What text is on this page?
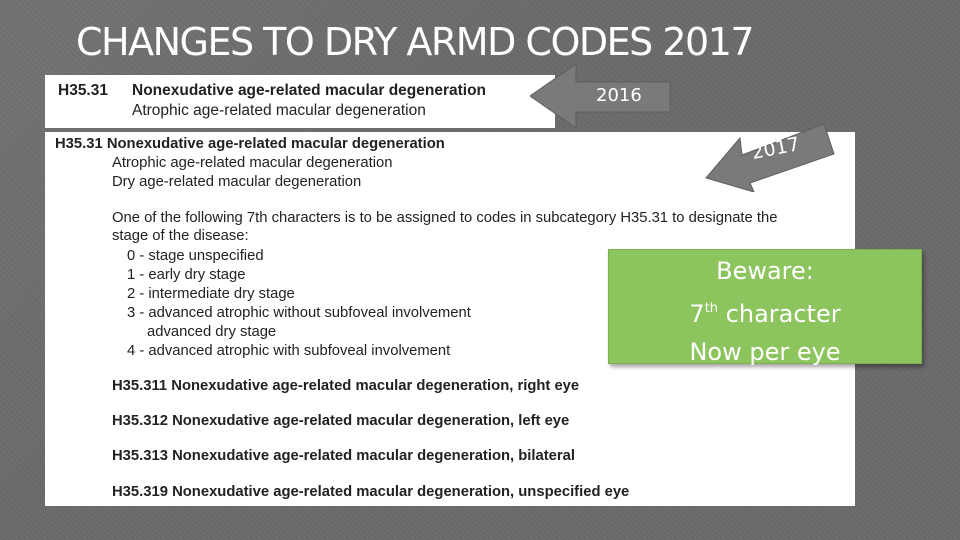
CHANGES TO DRY ARMD CODES 2017
H35.31 Nonexudative age-related macular degeneration
Atrophic age-related macular degeneration
2016
H35.31 Nonexudative age-related macular degeneration
Atrophic age-related macular degeneration
Dry age-related macular degeneration
One of the following 7th characters is to be assigned to codes in subcategory H35.31 to designate the
stage of the disease:
0 - stage unspecified
1 - early dry stage
2 - intermediate dry stage
3 - advanced atrophic without subfoveal involvement
advanced dry stage
4 - advanced atrophic with subfoveal involvement
H35.311 Nonexudative age-related macular degeneration, right eye
H35.312 Nonexudative age-related macular degeneration, left eye
H35.313 Nonexudative age-related macular degeneration, bilateral
H35.319 Nonexudative age-related macular degeneration, unspecified eye
2017
Beware:
7th character
Now per eye
